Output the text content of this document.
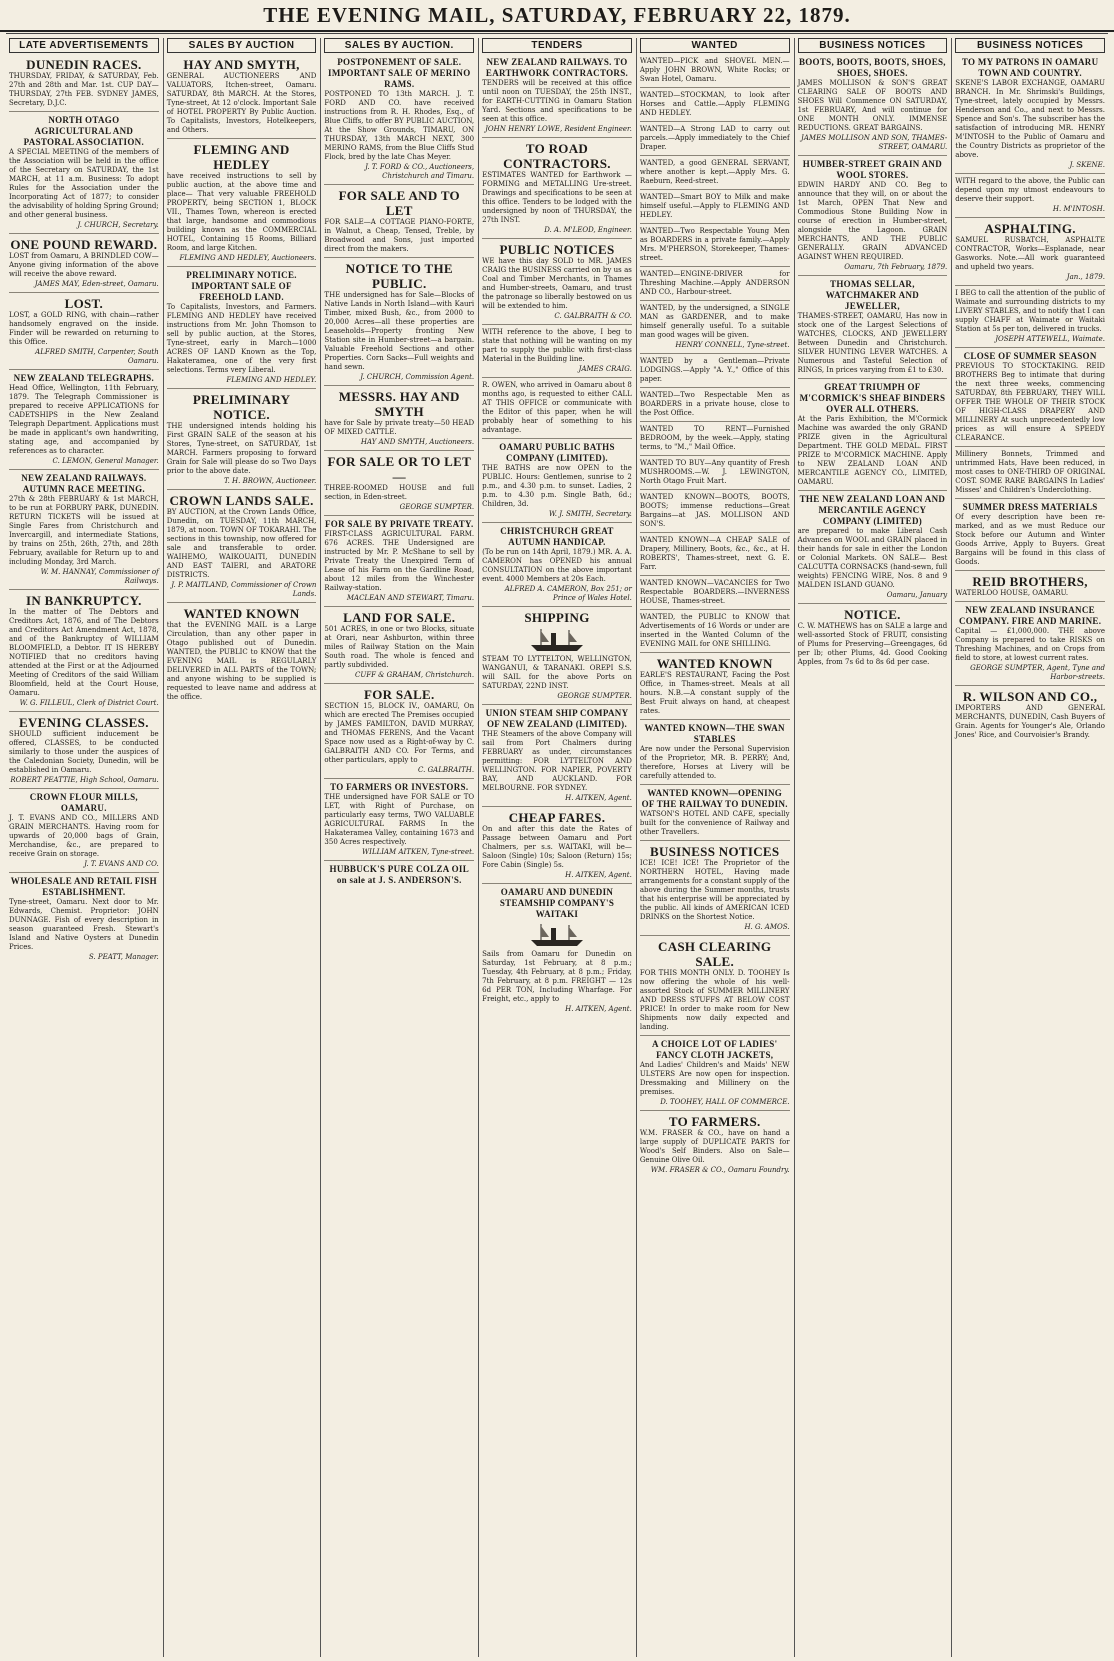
THE EVENING MAIL, SATURDAY, FEBRUARY 22, 1879.
LATE ADVERTISEMENTS
DUNEDIN RACES.
THURSDAY, FRIDAY, & SATURDAY, Feb. 27th and 28th and Mar. 1st. CUP DAY—THURSDAY, 27th FEB. SYDNEY JAMES, Secretary, D.J.C.
NORTH OTAGO AGRICULTURAL AND PASTORAL ASSOCIATION.
A SPECIAL MEETING of the members of the Association will be held in the office of the Secretary on SATURDAY, the 1st MARCH, at 11 a.m. Business: To adopt Rules for the Association under the Incorporating Act of 1877; to consider the advisability of holding Spring Ground; and other general business.
J. CHURCH, Secretary.
ONE POUND REWARD.
LOST from Oamaru, A BRINDLED COW—Anyone giving information of the above will receive the above reward.
JAMES MAY, Eden-street, Oamaru.
LOST.
LOST, a GOLD RING, with chain—rather handsomely engraved on the inside. Finder will be rewarded on returning to this Office.
ALFRED SMITH, Carpenter, South Oamaru.
NEW ZEALAND TELEGRAPHS.
Head Office, Wellington, 11th February, 1879. The Telegraph Commissioner is prepared to receive APPLICATIONS for CADETSHIPS in the New Zealand Telegraph Department. Applications must be made in applicant's own handwriting, stating age, and accompanied by references as to character.
C. LEMON, General Manager.
NEW ZEALAND RAILWAYS. AUTUMN RACE MEETING.
27th & 28th FEBRUARY & 1st MARCH, to be run at FORBURY PARK, DUNEDIN. RETURN TICKETS will be issued at Single Fares from Christchurch and Invercargill, and intermediate Stations, by trains on 25th, 26th, 27th, and 28th February, available for Return up to and including Monday, 3rd March.
W. M. HANNAY, Commissioner of Railways.
IN BANKRUPTCY.
In the matter of The Debtors and Creditors Act, 1876, and of The Debtors and Creditors Act Amendment Act, 1878, and of the Bankruptcy of WILLIAM BLOOMFIELD, a Debtor. IT IS HEREBY NOTIFIED that no creditors having attended at the First or at the Adjourned Meeting of Creditors of the said William Bloomfield, held at the Court House, Oamaru.
W. G. FILLEUL, Clerk of District Court.
EVENING CLASSES.
SHOULD sufficient inducement be offered, CLASSES, to be conducted similarly to those under the auspices of the Caledonian Society, Dunedin, will be established in Oamaru.
ROBERT PEATTIE, High School, Oamaru.
CROWN FLOUR MILLS, OAMARU.
J. T. EVANS AND CO., MILLERS AND GRAIN MERCHANTS. Having room for upwards of 20,000 bags of Grain, Merchandise, &c., are prepared to receive Grain on storage.
J. T. EVANS AND CO.
WHOLESALE AND RETAIL FISH ESTABLISHMENT.
Tyne-street, Oamaru. Next door to Mr. Edwards, Chemist. Proprietor: JOHN DUNNAGE. Fish of every description in season guaranteed Fresh. Stewart's Island and Native Oysters at Dunedin Prices.
S. PEATT, Manager.
SALES BY AUCTION
HAY AND SMYTH,
GENERAL AUCTIONEERS AND VALUATORS, Itchen-street, Oamaru. SATURDAY, 8th MARCH. At the Stores, Tyne-street, At 12 o'clock. Important Sale of HOTEL PROPERTY By Public Auction. To Capitalists, Investors, Hotelkeepers, and Others.
FLEMING AND HEDLEY
have received instructions to sell by public auction, at the above time and place— That very valuable FREEHOLD PROPERTY, being SECTION 1, BLOCK VII., Thames Town, whereon is erected that large, handsome and commodious building known as the COMMERCIAL HOTEL, Containing 15 Rooms, Billiard Room, and large Kitchen.
FLEMING AND HEDLEY, Auctioneers.
PRELIMINARY NOTICE. IMPORTANT SALE OF FREEHOLD LAND.
To Capitalists, Investors, and Farmers. FLEMING AND HEDLEY have received instructions from Mr. John Thomson to sell by public auction, at the Stores, Tyne-street, early in March—1000 ACRES OF LAND Known as the Top, Hakateramea, one of the very first selections. Terms very Liberal.
FLEMING AND HEDLEY.
PRELIMINARY NOTICE.
THE undersigned intends holding his First GRAIN SALE of the season at his Stores, Tyne-street, on SATURDAY, 1st MARCH. Farmers proposing to forward Grain for Sale will please do so Two Days prior to the above date.
T. H. BROWN, Auctioneer.
CROWN LANDS SALE.
BY AUCTION, at the Crown Lands Office, Dunedin, on TUESDAY, 11th MARCH, 1879, at noon. TOWN OF TOKARAHI. The sections in this township, now offered for sale and transferable to order. WAIHEMO, WAIKOUAITI, DUNEDIN AND EAST TAIERI, and ARATORE DISTRICTS.
J. P. MAITLAND, Commissioner of Crown Lands.
WANTED KNOWN
that the EVENING MAIL is a Large Circulation, than any other paper in Otago published out of Dunedin. WANTED, the PUBLIC to KNOW that the EVENING MAIL is REGULARLY DELIVERED in ALL PARTS of the TOWN; and anyone wishing to be supplied is requested to leave name and address at the office.
SALES BY AUCTION.
POSTPONEMENT OF SALE. IMPORTANT SALE OF MERINO RAMS.
POSTPONED TO 13th MARCH. J. T. FORD AND CO. have received instructions from R. H. Rhodes, Esq., of Blue Cliffs, to offer BY PUBLIC AUCTION, At the Show Grounds, TIMARU, ON THURSDAY, 13th MARCH NEXT, 300 MERINO RAMS, from the Blue Cliffs Stud Flock, bred by the late Chas Meyer.
J. T. FORD & CO., Auctioneers, Christchurch and Timaru.
FOR SALE AND TO LET
FOR SALE—A COTTAGE PIANO-FORTE, in Walnut, a Cheap, Tensed, Treble, by Broadwood and Sons, just imported direct from the makers.
NOTICE TO THE PUBLIC.
THE undersigned has for Sale—Blocks of Native Lands in North Island—with Kauri Timber, mixed Bush, &c., from 2000 to 20,000 Acres—all these properties are Leaseholds—Property fronting New Station site in Humber-street—a bargain. Valuable Freehold Sections and other Properties. Corn Sacks—Full weights and hand sewn.
J. CHURCH, Commission Agent.
MESSRS. HAY AND SMYTH
have for Sale by private treaty—50 HEAD OF MIXED CATTLE.
HAY AND SMYTH, Auctioneers.
FOR SALE OR TO LET—
THREE-ROOMED HOUSE and full section, in Eden-street.
GEORGE SUMPTER.
FOR SALE BY PRIVATE TREATY.
FIRST-CLASS AGRICULTURAL FARM. 676 ACRES. THE Undersigned are instructed by Mr. P. McShane to sell by Private Treaty the Unexpired Term of Lease of his Farm on the Gardline Road, about 12 miles from the Winchester Railway-station.
MACLEAN AND STEWART, Timaru.
LAND FOR SALE.
501 ACRES, in one or two Blocks, situate at Orari, near Ashburton, within three miles of Railway Station on the Main South road. The whole is fenced and partly subdivided.
CUFF & GRAHAM, Christchurch.
FOR SALE.
SECTION 15, BLOCK IV., OAMARU, On which are erected The Premises occupied by JAMES FAMILTON, DAVID MURRAY, and THOMAS FERENS, And the Vacant Space now used as a Right-of-way by C. GALBRAITH AND CO. For Terms, and other particulars, apply to
C. GALBRAITH.
TO FARMERS OR INVESTORS.
THE undersigned have FOR SALE or TO LET, with Right of Purchase, on particularly easy terms, TWO VALUABLE AGRICULTURAL FARMS In the Hakateramea Valley, containing 1673 and 350 Acres respectively.
WILLIAM AITKEN, Tyne-street.
HUBBUCK'S PURE COLZA OIL on sale at J. S. ANDERSON'S.
TENDERS
NEW ZEALAND RAILWAYS. TO EARTHWORK CONTRACTORS.
TENDERS will be received at this office until noon on TUESDAY, the 25th INST., for EARTH-CUTTING in Oamaru Station Yard. Sections and specifications to be seen at this office.
JOHN HENRY LOWE, Resident Engineer.
TO ROAD CONTRACTORS.
ESTIMATES WANTED for Earthwork — FORMING and METALLING Ure-street. Drawings and specifications to be seen at this office. Tenders to be lodged with the undersigned by noon of THURSDAY, the 27th INST.
D. A. M'LEOD, Engineer.
PUBLIC NOTICES
WE have this day SOLD to MR. JAMES CRAIG the BUSINESS carried on by us as Coal and Timber Merchants, in Thames and Humber-streets, Oamaru, and trust the patronage so liberally bestowed on us will be extended to him.
C. GALBRAITH & CO.
WITH reference to the above, I beg to state that nothing will be wanting on my part to supply the public with first-class Material in the Building line.
JAMES CRAIG.
R. OWEN, who arrived in Oamaru about 8 months ago, is requested to either CALL AT THIS OFFICE or communicate with the Editor of this paper, when he will probably hear of something to his advantage.
OAMARU PUBLIC BATHS COMPANY (LIMITED).
THE BATHS are now OPEN to the PUBLIC. Hours: Gentlemen, sunrise to 2 p.m., and 4.30 p.m. to sunset. Ladies, 2 p.m. to 4.30 p.m. Single Bath, 6d.; Children, 3d.
W. J. SMITH, Secretary.
CHRISTCHURCH GREAT AUTUMN HANDICAP.
(To be run on 14th April, 1879.) MR. A. A. CAMERON has OPENED his annual CONSULTATION on the above important event. 4000 Members at 20s Each.
ALFRED A. CAMERON, Box 251; or Prince of Wales Hotel.
SHIPPING
STEAM TO LYTTELTON, WELLINGTON, WANGANUI, & TARANAKI. OREPI S.S. will SAIL for the above Ports on SATURDAY, 22ND INST.
GEORGE SUMPTER.
UNION STEAM SHIP COMPANY OF NEW ZEALAND (LIMITED).
THE Steamers of the above Company will sail from Port Chalmers during FEBRUARY as under, circumstances permitting: FOR LYTTELTON AND WELLINGTON. FOR NAPIER, POVERTY BAY, AND AUCKLAND. FOR MELBOURNE. FOR SYDNEY.
H. AITKEN, Agent.
CHEAP FARES.
On and after this date the Rates of Passage between Oamaru and Port Chalmers, per s.s. WAITAKI, will be—Saloon (Single) 10s; Saloon (Return) 15s; Fore Cabin (Single) 5s.
H. AITKEN, Agent.
OAMARU AND DUNEDIN STEAMSHIP COMPANY'S WAITAKI
Sails from Oamaru for Dunedin on Saturday, 1st February, at 8 p.m.; Tuesday, 4th February, at 8 p.m.; Friday, 7th February, at 8 p.m. FREIGHT — 12s 6d PER TON, Including Wharfage. For Freight, etc., apply to
H. AITKEN, Agent.
WANTED
WANTED—PICK and SHOVEL MEN.—Apply JOHN BROWN, White Rocks; or Swan Hotel, Oamaru.
WANTED—STOCKMAN, to look after Horses and Cattle.—Apply FLEMING AND HEDLEY.
WANTED—A Strong LAD to carry out parcels.—Apply immediately to the Chief Draper.
WANTED, a good GENERAL SERVANT, where another is kept.—Apply Mrs. G. Raeburn, Reed-street.
WANTED—Smart BOY to Milk and make himself useful.—Apply to FLEMING AND HEDLEY.
WANTED—Two Respectable Young Men as BOARDERS in a private family.—Apply Mrs. M'PHERSON, Storekeeper, Thames-street.
WANTED—ENGINE-DRIVER for Threshing Machine.—Apply ANDERSON AND CO., Harbour-street.
WANTED, by the undersigned, a SINGLE MAN as GARDENER, and to make himself generally useful. To a suitable man good wages will be given.
HENRY CONNELL, Tyne-street.
WANTED by a Gentleman—Private LODGINGS.—Apply "A. Y.," Office of this paper.
WANTED—Two Respectable Men as BOARDERS in a private house, close to the Post Office.
WANTED TO RENT—Furnished BEDROOM, by the week.—Apply, stating terms, to "M.," Mail Office.
WANTED TO BUY—Any quantity of Fresh MUSHROOMS.—W. J. LEWINGTON, North Otago Fruit Mart.
WANTED KNOWN—BOOTS, BOOTS, BOOTS; immense reductions—Great Bargains—at JAS. MOLLISON AND SON'S.
WANTED KNOWN—A CHEAP SALE of Drapery, Millinery, Boots, &c., &c., at H. ROBERTS', Thames-street, next G. E. Farr.
WANTED KNOWN—VACANCIES for Two Respectable BOARDERS.—INVERNESS HOUSE, Thames-street.
WANTED, the PUBLIC to KNOW that Advertisements of 16 Words or under are inserted in the Wanted Column of the EVENING MAIL for ONE SHILLING.
WANTED KNOWN
EARLE'S RESTAURANT, Facing the Post Office, in Thames-street. Meals at all hours. N.B.—A constant supply of the Best Fruit always on hand, at cheapest rates.
WANTED KNOWN—THE SWAN STABLES
Are now under the Personal Supervision of the Proprietor, MR. B. PERRY; And, therefore, Horses at Livery will be carefully attended to.
WANTED KNOWN—OPENING OF THE RAILWAY TO DUNEDIN.
WATSON'S HOTEL AND CAFE, specially built for the convenience of Railway and other Travellers.
BUSINESS NOTICES
ICE! ICE! ICE! The Proprietor of the NORTHERN HOTEL, Having made arrangements for a constant supply of the above during the Summer months, trusts that his enterprise will be appreciated by the public. All kinds of AMERICAN ICED DRINKS on the Shortest Notice.
H. G. AMOS.
CASH CLEARING SALE.
FOR THIS MONTH ONLY. D. TOOHEY Is now offering the whole of his well-assorted Stock of SUMMER MILLINERY AND DRESS STUFFS AT BELOW COST PRICE! In order to make room for New Shipments now daily expected and landing.
A CHOICE LOT OF LADIES' FANCY CLOTH JACKETS,
And Ladies' Children's and Maids' NEW ULSTERS Are now open for inspection. Dressmaking and Millinery on the premises.
D. TOOHEY, HALL OF COMMERCE.
TO FARMERS.
W.M. FRASER & CO., have on hand a large supply of DUPLICATE PARTS for Wood's Self Binders. Also on Sale—Genuine Olive Oil.
WM. FRASER & CO., Oamaru Foundry.
BUSINESS NOTICES
BOOTS, BOOTS, BOOTS, SHOES, SHOES, SHOES.
JAMES MOLLISON & SON'S GREAT CLEARING SALE OF BOOTS AND SHOES Will Commence ON SATURDAY, 1st FEBRUARY, And will continue for ONE MONTH ONLY. IMMENSE REDUCTIONS. GREAT BARGAINS.
JAMES MOLLISON AND SON, THAMES-STREET, OAMARU.
HUMBER-STREET GRAIN AND WOOL STORES.
EDWIN HARDY AND CO. Beg to announce that they will, on or about the 1st March, OPEN That New and Commodious Stone Building Now in course of erection in Humber-street, alongside the Lagoon. GRAIN MERCHANTS, AND THE PUBLIC GENERALLY. GRAIN ADVANCED AGAINST WHEN REQUIRED.
Oamaru, 7th February, 1879.
THOMAS SELLAR, WATCHMAKER AND JEWELLER,
THAMES-STREET, OAMARU, Has now in stock one of the Largest Selections of WATCHES, CLOCKS, AND JEWELLERY Between Dunedin and Christchurch. SILVER HUNTING LEVER WATCHES. A Numerous and Tasteful Selection of RINGS, In prices varying from £1 to £30.
GREAT TRIUMPH OF M'CORMICK'S SHEAF BINDERS OVER ALL OTHERS.
At the Paris Exhibition, the M'Cormick Machine was awarded the only GRAND PRIZE given in the Agricultural Department. THE GOLD MEDAL. FIRST PRIZE to M'CORMICK MACHINE. Apply to NEW ZEALAND LOAN AND MERCANTILE AGENCY CO., LIMITED, OAMARU.
THE NEW ZEALAND LOAN AND MERCANTILE AGENCY COMPANY (LIMITED)
are prepared to make Liberal Cash Advances on WOOL and GRAIN placed in their hands for sale in either the London or Colonial Markets. ON SALE— Best CALCUTTA CORNSACKS (hand-sewn, full weights) FENCING WIRE, Nos. 8 and 9 MALDEN ISLAND GUANO.
Oamaru, January
NOTICE.
C. W. MATHEWS has on SALE a large and well-assorted Stock of FRUIT, consisting of Plums for Preserving—Greengages, 6d per lb; other Plums, 4d. Good Cooking Apples, from 7s 6d to 8s 6d per case.
BUSINESS NOTICES
TO MY PATRONS IN OAMARU TOWN AND COUNTRY.
SKENE'S LABOR EXCHANGE, OAMARU BRANCH. In Mr. Shrimski's Buildings, Tyne-street, lately occupied by Messrs. Henderson and Co., and next to Messrs. Spence and Son's. The subscriber has the satisfaction of introducing MR. HENRY M'INTOSH to the Public of Oamaru and the Country Districts as proprietor of the above.
J. SKENE.
WITH regard to the above, the Public can depend upon my utmost endeavours to deserve their support.
H. M'INTOSH.
ASPHALTING.
SAMUEL RUSBATCH, ASPHALTE CONTRACTOR, Works—Esplanade, near Gasworks. Note.—All work guaranteed and upheld two years.
Jan., 1879.
I BEG to call the attention of the public of Waimate and surrounding districts to my LIVERY STABLES, and to notify that I can supply CHAFF at Waimate or Waitaki Station at 5s per ton, delivered in trucks.
JOSEPH ATTEWELL, Waimate.
CLOSE OF SUMMER SEASON
PREVIOUS TO STOCKTAKING. REID BROTHERS Beg to intimate that during the next three weeks, commencing SATURDAY, 8th FEBRUARY, THEY WILL OFFER THE WHOLE OF THEIR STOCK OF HIGH-CLASS DRAPERY AND MILLINERY At such unprecedentedly low prices as will ensure A SPEEDY CLEARANCE.
Millinery Bonnets, Trimmed and untrimmed Hats, Have been reduced, in most cases to ONE-THIRD OF ORIGINAL COST. SOME RARE BARGAINS In Ladies' Misses' and Children's Underclothing.
SUMMER DRESS MATERIALS
Of every description have been re-marked, and as we must Reduce our Stock before our Autumn and Winter Goods Arrive, Apply to Buyers. Great Bargains will be found in this class of Goods.
REID BROTHERS,
WATERLOO HOUSE, OAMARU.
NEW ZEALAND INSURANCE COMPANY. FIRE AND MARINE.
Capital — £1,000,000. THE above Company is prepared to take RISKS on Threshing Machines, and on Crops from field to store, at lowest current rates.
GEORGE SUMPTER, Agent, Tyne and Harbor-streets.
R. WILSON AND CO.,
IMPORTERS AND GENERAL MERCHANTS, DUNEDIN, Cash Buyers of Grain. Agents for Younger's Ale, Orlando Jones' Rice, and Courvoisier's Brandy.
